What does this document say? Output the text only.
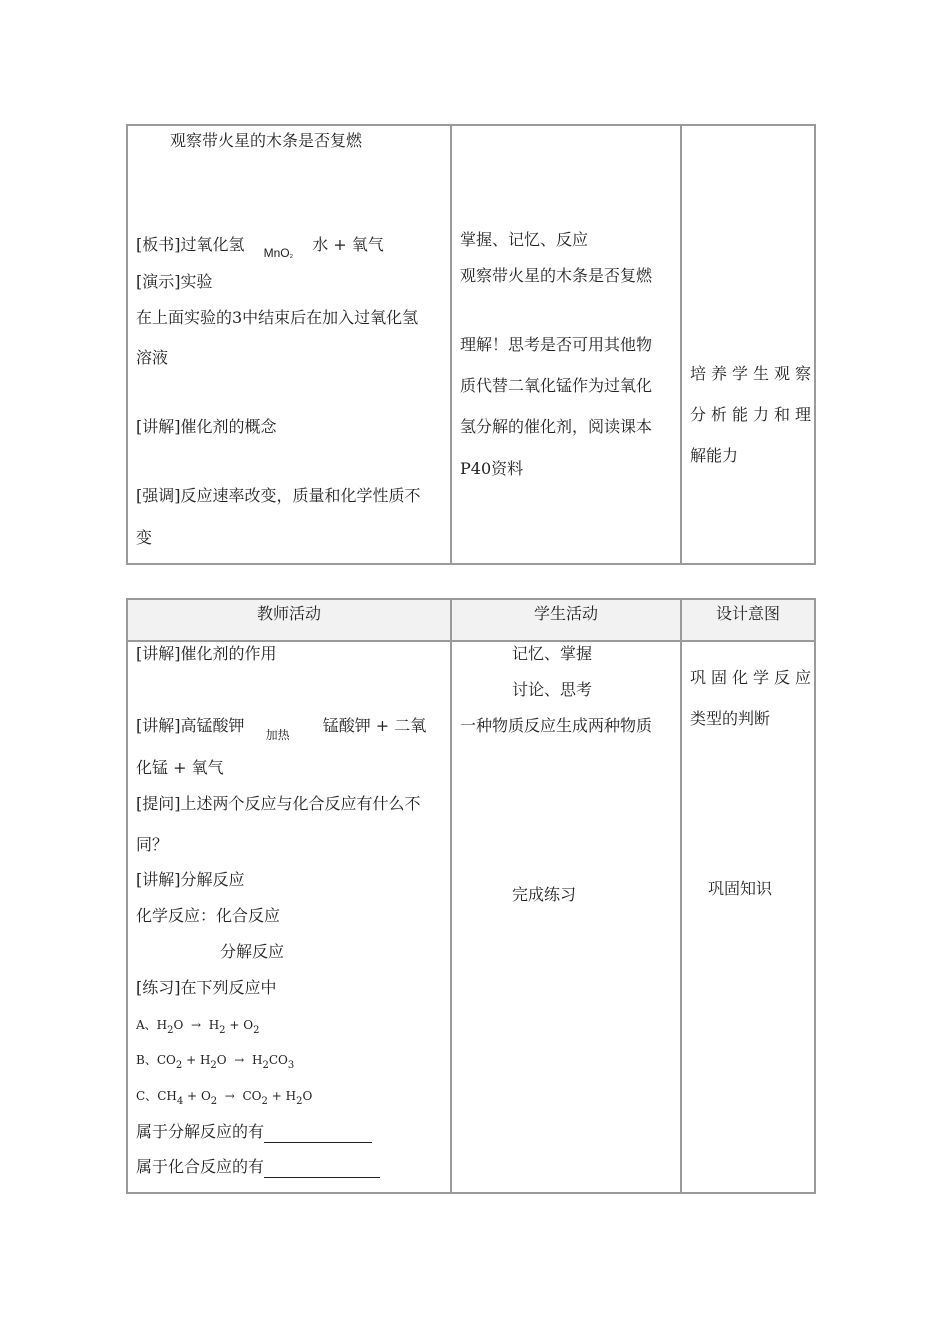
观察带火星的木条是否复燃
[板书]过氧化氢 MnO₂ 水 + 氧气
[演示]实验
在上面实验的3中结束后在加入过氧化氢
溶液
[讲解]催化剂的概念
[强调]反应速率改变，质量和化学性质不
变
掌握、记忆、反应
观察带火星的木条是否复燃
理解！思考是否可用其他物
质代替二氧化锰作为过氧化
氢分解的催化剂，阅读课本
P40资料
培养学生观察
分析能力和理
解能力
教师活动	学生活动	设计意图
[讲解]催化剂的作用
[讲解]高锰酸钾 加热 锰酸钾 + 二氧
化锰 + 氧气
[提问]上述两个反应与化合反应有什么不
同？
[讲解]分解反应
化学反应：化合反应
分解反应
[练习]在下列反应中
A、$H_2O \to H_2 + O_2$
B、$CO_2 + H_2O \to H_2CO_3$
C、$CH_4 + O_2 \to CO_2 + H_2O$
属于分解反应的有
属于化合反应的有
记忆、掌握
讨论、思考
一种物质反应生成两种物质
完成练习
巩固化学反应
类型的判断
巩固知识
